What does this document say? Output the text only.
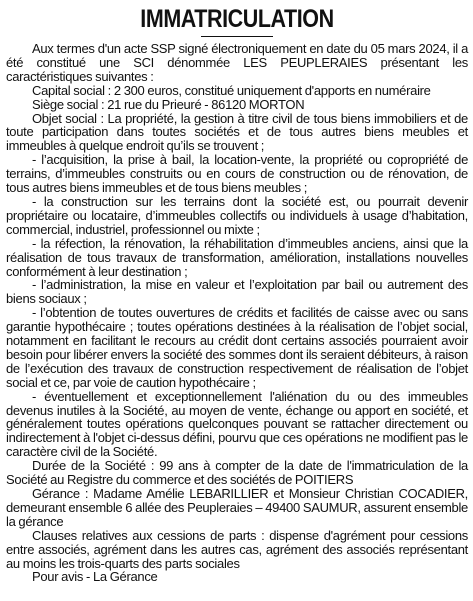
IMMATRICULATION

Aux termes d'un acte SSP signé électroniquement en date du 05 mars 2024, il a été constitué une SCI dénommée LES PEUPLERAIES présentant les caractéristiques suivantes :

Capital social : 2 300 euros, constitué uniquement d'apports en numéraire

Siège social : 21 rue du Prieuré - 86120 MORTON

Objet social : La propriété, la gestion à titre civil de tous biens immobiliers et de toute participation dans toutes sociétés et de tous autres biens meubles et immeubles à quelque endroit qu’ils se trouvent ;

- l’acquisition, la prise à bail, la location-vente, la propriété ou copropriété de terrains, d’immeubles construits ou en cours de construction ou de rénovation, de tous autres biens immeubles et de tous biens meubles ;

- la construction sur les terrains dont la société est, ou pourrait devenir propriétaire ou locataire, d’immeubles collectifs ou individuels à usage d’habitation, commercial, industriel, professionnel ou mixte ;

- la réfection, la rénovation, la réhabilitation d’immeubles anciens, ainsi que la réalisation de tous travaux de transformation, amélioration, installations nouvelles conformément à leur destination ;

- l’administration, la mise en valeur et l’exploitation par bail ou autrement des biens sociaux ;

- l’obtention de toutes ouvertures de crédits et facilités de caisse avec ou sans garantie hypothécaire ; toutes opérations destinées à la réalisation de l’objet social, notamment en facilitant le recours au crédit dont certains associés pourraient avoir besoin pour libérer envers la société des sommes dont ils seraient débiteurs, à raison de l’exécution des travaux de construction respectivement de réalisation de l’objet social et ce, par voie de caution hypothécaire ;

- éventuellement et exceptionnellement l'aliénation du ou des immeubles devenus inutiles à la Société, au moyen de vente, échange ou apport en société, et généralement toutes opérations quelconques pouvant se rattacher directement ou indirectement à l'objet ci-dessus défini, pourvu que ces opérations ne modifient pas le caractère civil de la Société.

Durée de la Société : 99 ans à compter de la date de l'immatriculation de la Société au Registre du commerce et des sociétés de POITIERS

Gérance : Madame Amélie LEBARILLIER et Monsieur Christian COCADIER, demeurant ensemble 6 allée des Peupleraies – 49400 SAUMUR, assurent ensemble la gérance

Clauses relatives aux cessions de parts : dispense d'agrément pour cessions entre associés, agrément dans les autres cas, agrément des associés représentant au moins les trois-quarts des parts sociales

Pour avis - La Gérance
